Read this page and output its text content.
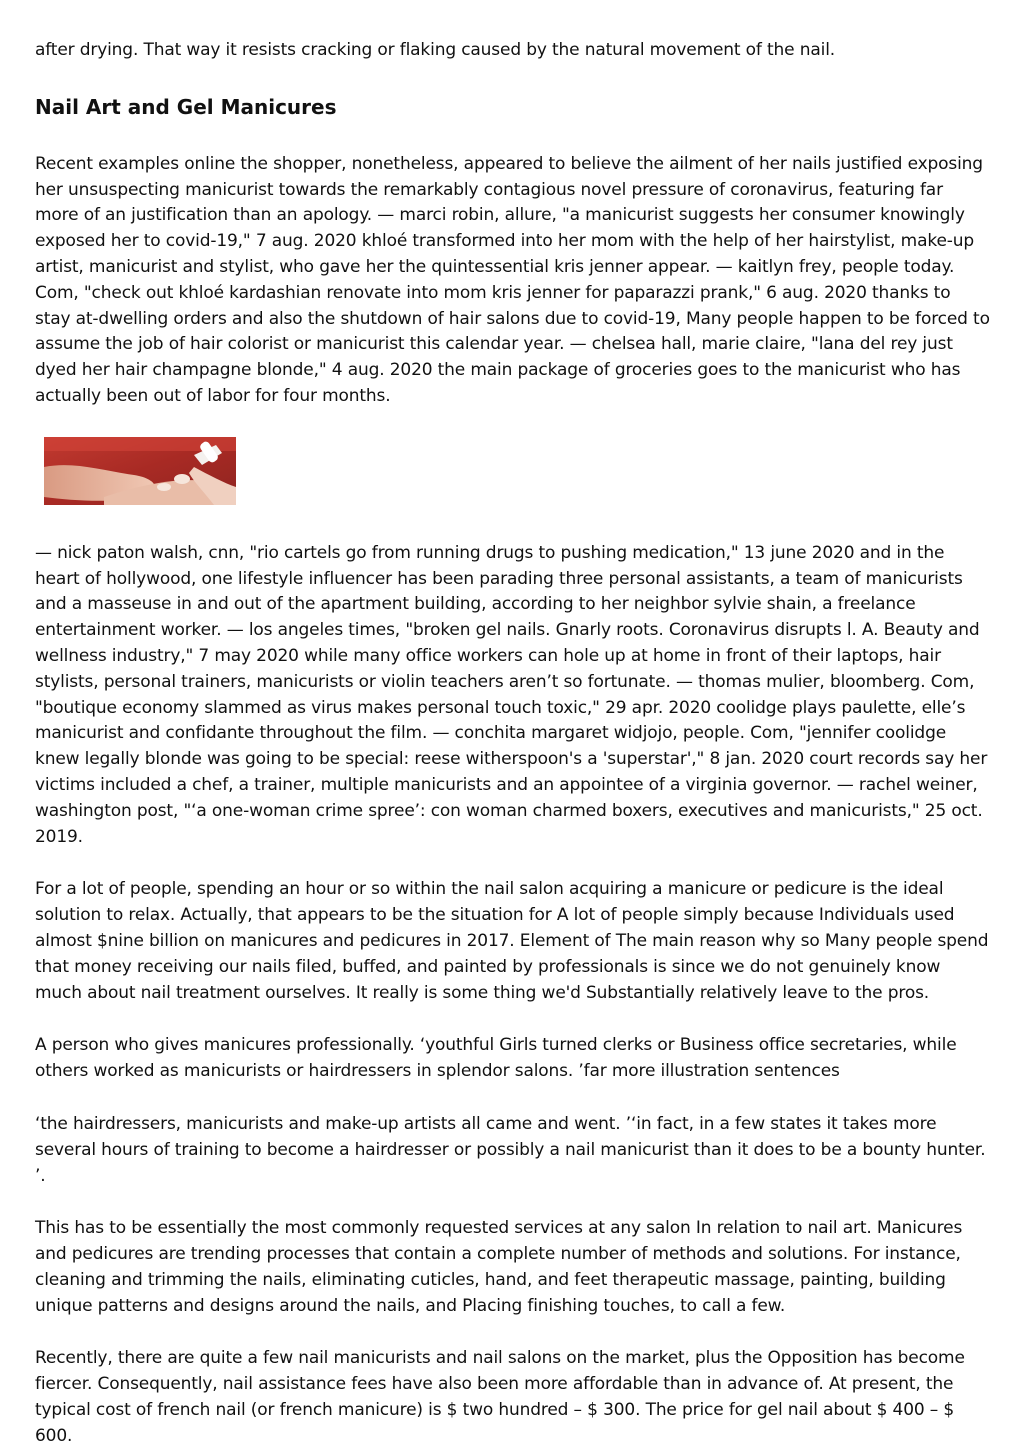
after drying. That way it resists cracking or flaking caused by the natural movement of the nail.

Nail Art and Gel Manicures

Recent examples online the shopper, nonetheless, appeared to believe the ailment of her nails justified exposing her unsuspecting manicurist towards the remarkably contagious novel pressure of coronavirus, featuring far more of an justification than an apology. — marci robin, allure, "a manicurist suggests her consumer knowingly exposed her to covid-19," 7 aug. 2020 khloé transformed into her mom with the help of her hairstylist, make-up artist, manicurist and stylist, who gave her the quintessential kris jenner appear. — kaitlyn frey, people today. Com, "check out khloé kardashian renovate into mom kris jenner for paparazzi prank," 6 aug. 2020 thanks to stay at-dwelling orders and also the shutdown of hair salons due to covid-19, Many people happen to be forced to assume the job of hair colorist or manicurist this calendar year. — chelsea hall, marie claire, "lana del rey just dyed her hair champagne blonde," 4 aug. 2020 the main package of groceries goes to the manicurist who has actually been out of labor for four months.

— nick paton walsh, cnn, "rio cartels go from running drugs to pushing medication," 13 june 2020 and in the heart of hollywood, one lifestyle influencer has been parading three personal assistants, a team of manicurists and a masseuse in and out of the apartment building, according to her neighbor sylvie shain, a freelance entertainment worker. — los angeles times, "broken gel nails. Gnarly roots. Coronavirus disrupts l. A. Beauty and wellness industry," 7 may 2020 while many office workers can hole up at home in front of their laptops, hair stylists, personal trainers, manicurists or violin teachers aren’t so fortunate. — thomas mulier, bloomberg. Com, "boutique economy slammed as virus makes personal touch toxic," 29 apr. 2020 coolidge plays paulette, elle’s manicurist and confidante throughout the film. — conchita margaret widjojo, people. Com, "jennifer coolidge knew legally blonde was going to be special: reese witherspoon's a 'superstar'," 8 jan. 2020 court records say her victims included a chef, a trainer, multiple manicurists and an appointee of a virginia governor. — rachel weiner, washington post, "‘a one-woman crime spree’: con woman charmed boxers, executives and manicurists," 25 oct. 2019.

For a lot of people, spending an hour or so within the nail salon acquiring a manicure or pedicure is the ideal solution to relax. Actually, that appears to be the situation for A lot of people simply because Individuals used almost $nine billion on manicures and pedicures in 2017. Element of The main reason why so Many people spend that money receiving our nails filed, buffed, and painted by professionals is since we do not genuinely know much about nail treatment ourselves. It really is some thing we'd Substantially relatively leave to the pros.

A person who gives manicures professionally. ‘youthful Girls turned clerks or Business office secretaries, while others worked as manicurists or hairdressers in splendor salons. ’far more illustration sentences

‘the hairdressers, manicurists and make-up artists all came and went. ’‘in fact, in a few states it takes more several hours of training to become a hairdresser or possibly a nail manicurist than it does to be a bounty hunter. ’.

This has to be essentially the most commonly requested services at any salon In relation to nail art. Manicures and pedicures are trending processes that contain a complete number of methods and solutions. For instance, cleaning and trimming the nails, eliminating cuticles, hand, and feet therapeutic massage, painting, building unique patterns and designs around the nails, and Placing finishing touches, to call a few.

Recently, there are quite a few nail manicurists and nail salons on the market, plus the Opposition has become fiercer. Consequently, nail assistance fees have also been more affordable than in advance of. At present, the typical cost of french nail (or french manicure) is $ two hundred – $ 300. The price for gel nail about $ 400 – $ 600.
